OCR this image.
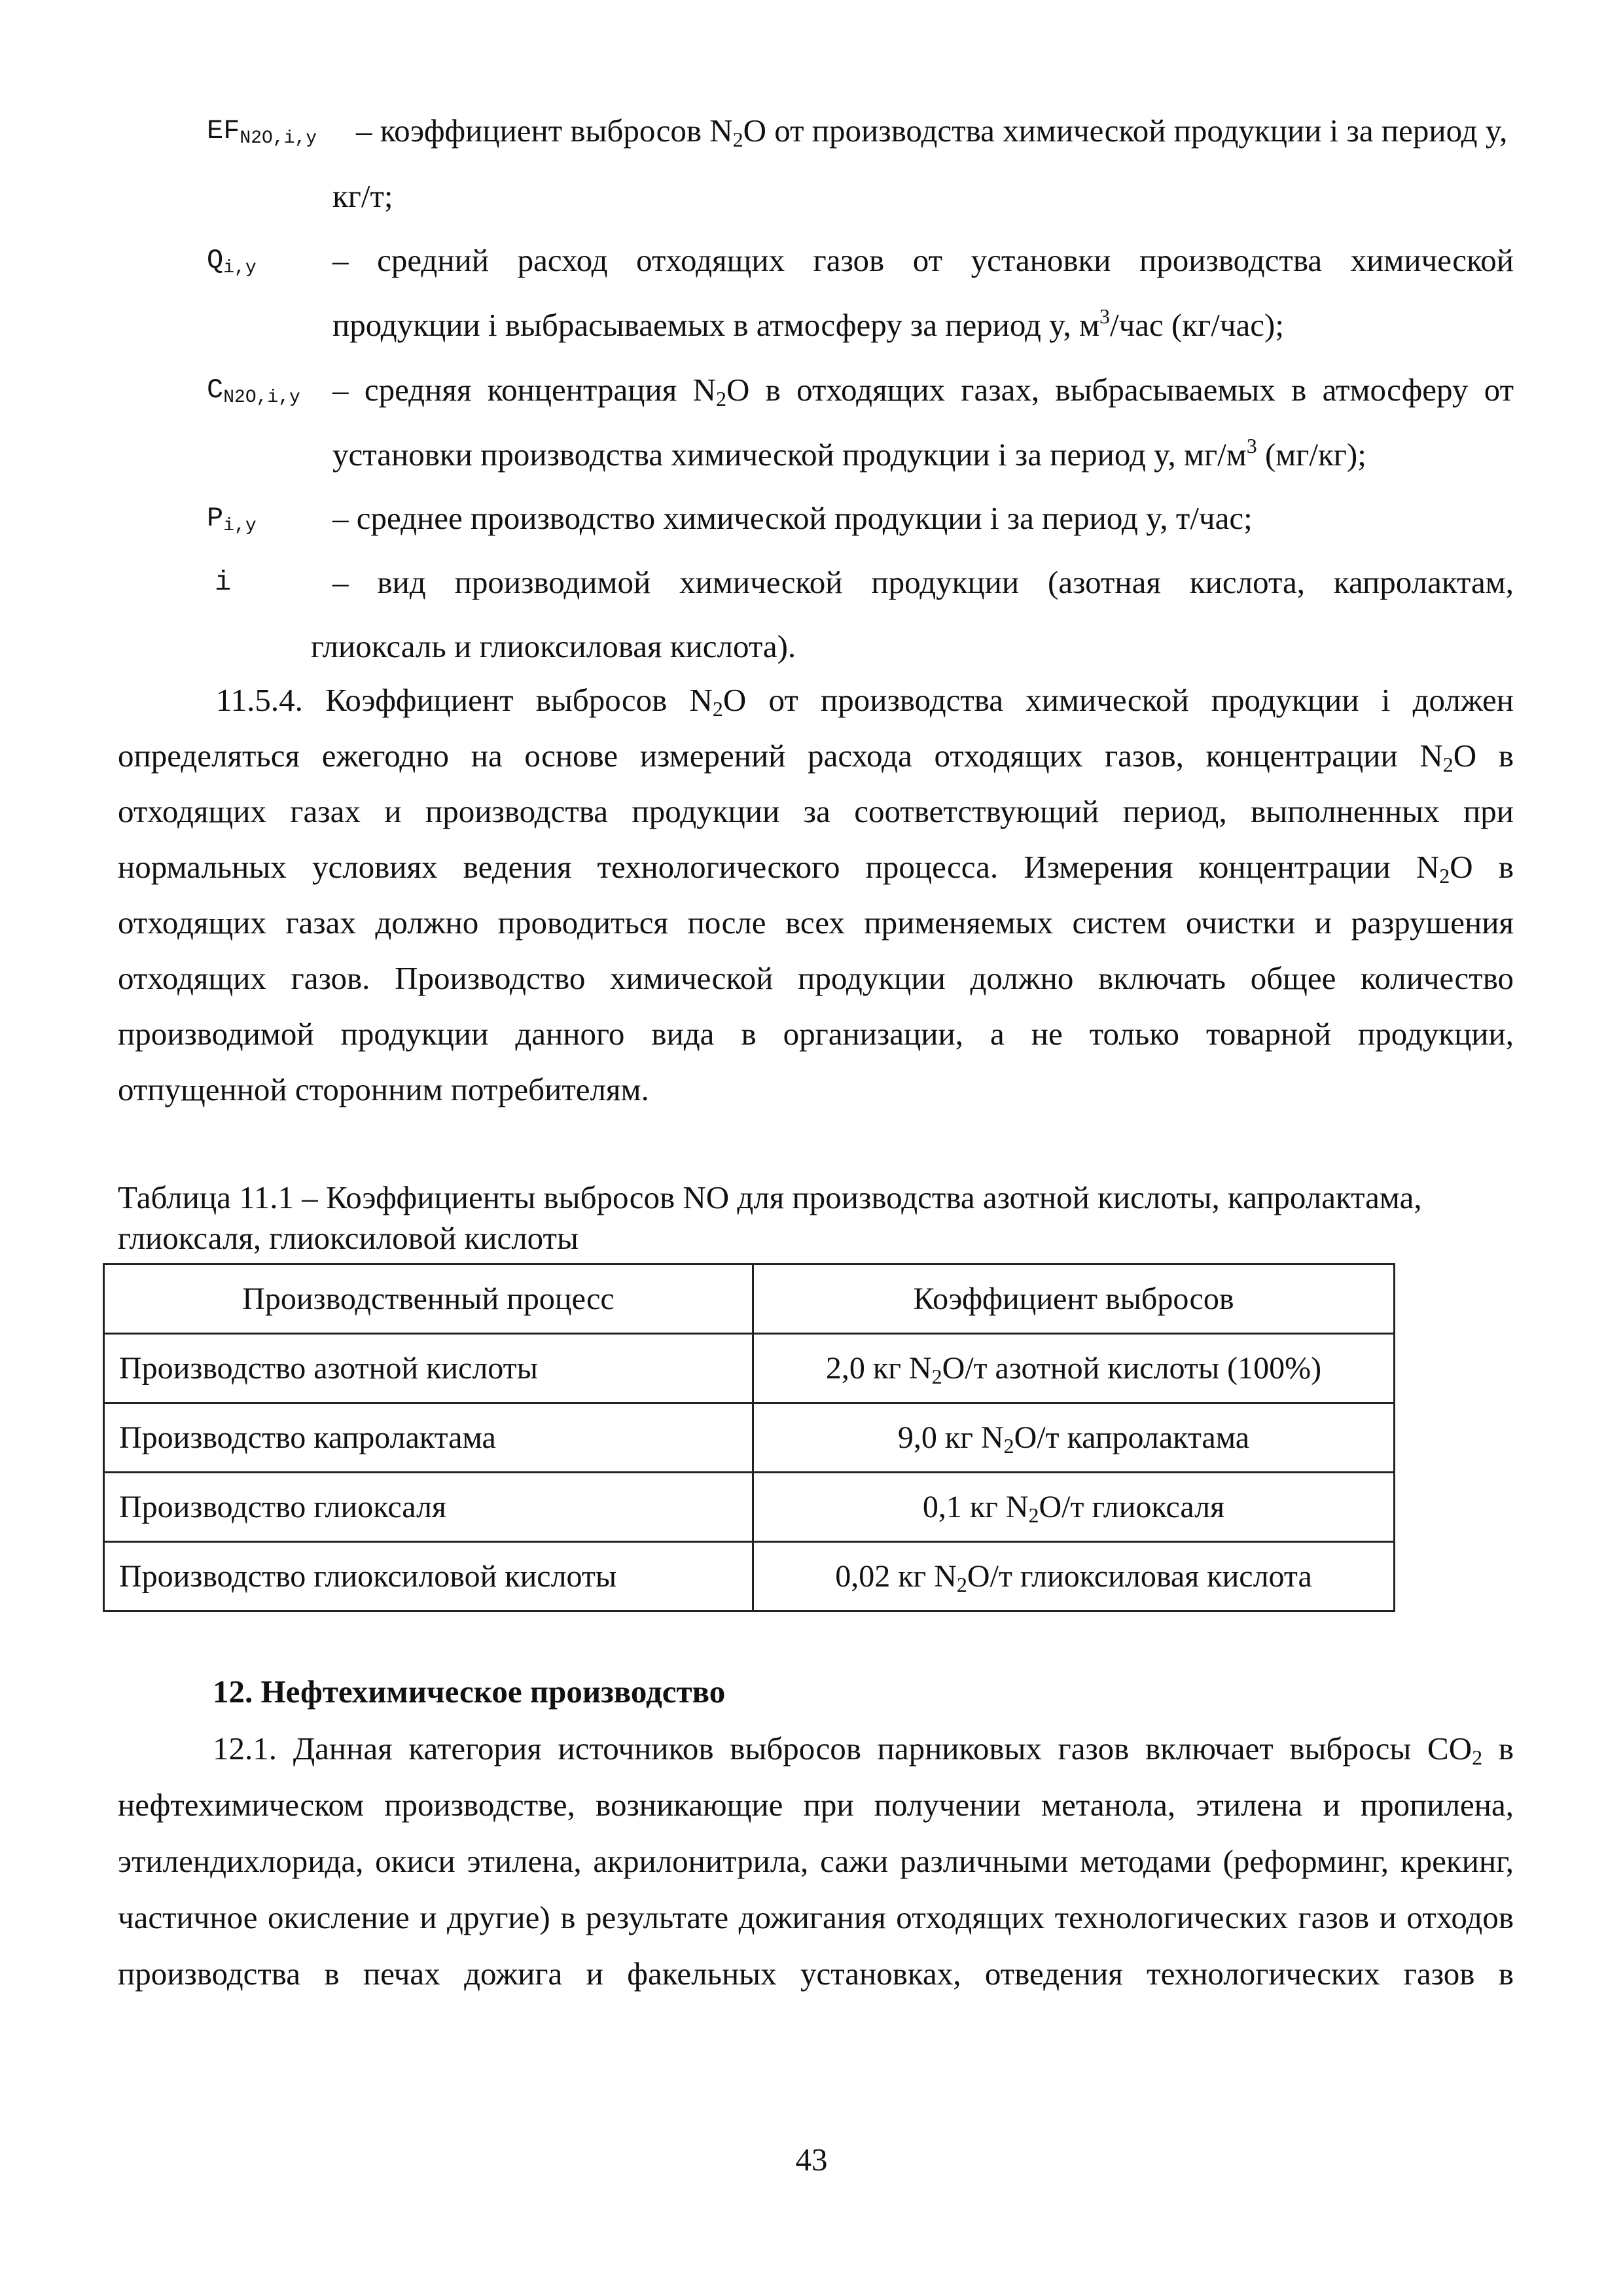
$EF_{N2O,i,y}$ – коэффициент выбросов $N_2O$ от производства химической продукции i за период y,
кг/т;
$Q_{i,y}$ – средний расход отходящих газов от установки производства химической
продукции i выбрасываемых в атмосферу за период y, $м^3$/час (кг/час);
$C_{N2O,i,y}$ – средняя концентрация $N_2O$ в отходящих газах, выбрасываемых в атмосферу от
установки производства химической продукции i за период y, $мг/м^3$ (мг/кг);
$P_{i,y}$ – среднее производство химической продукции i за период y, т/час;
i	– вид производимой химической продукции (азотная кислота, капролактам,
глиоксаль и глиоксиловая кислота).
11.5.4. Коэффициент выбросов $N_2O$ от производства химической продукции i должен
определяться ежегодно на основе измерений расхода отходящих газов, концентрации $N_2O$ в
отходящих газах и производства продукции за соответствующий период, выполненных при
нормальных условиях ведения технологического процесса. Измерения концентрации $N_2O$ в
отходящих газах должно проводиться после всех применяемых систем очистки и разрушения
отходящих газов. Производство химической продукции должно включать общее количество
производимой продукции данного вида в организации, а не только товарной продукции,
отпущенной сторонним потребителям.
Таблица 11.1 – Коэффициенты выбросов NO для производства азотной кислоты, капролактама,
глиоксаля, глиоксиловой кислоты
Производственный процесс	Коэффициент выбросов
Производство азотной кислоты	2,0 кг $N_2O/т$ азотной кислоты (100%)
Производство капролактама	9,0 кг $N_2O/т$ капролактама
Производство глиоксаля	0,1 кг $N_2O/т$ глиоксаля
Производство глиоксиловой кислоты	0,02 кг $N_2O/т$ глиоксиловая кислота
12. Нефтехимическое производство
12.1. Данная категория источников выбросов парниковых газов включает выбросы $CO_2$ в
нефтехимическом производстве, возникающие при получении метанола, этилена и пропилена,
этилендихлорида, окиси этилена, акрилонитрила, сажи различными методами (реформинг, крекинг,
частичное окисление и другие) в результате дожигания отходящих технологических газов и отходов
производства в печах дожига и факельных установках, отведения технологических газов в
43
